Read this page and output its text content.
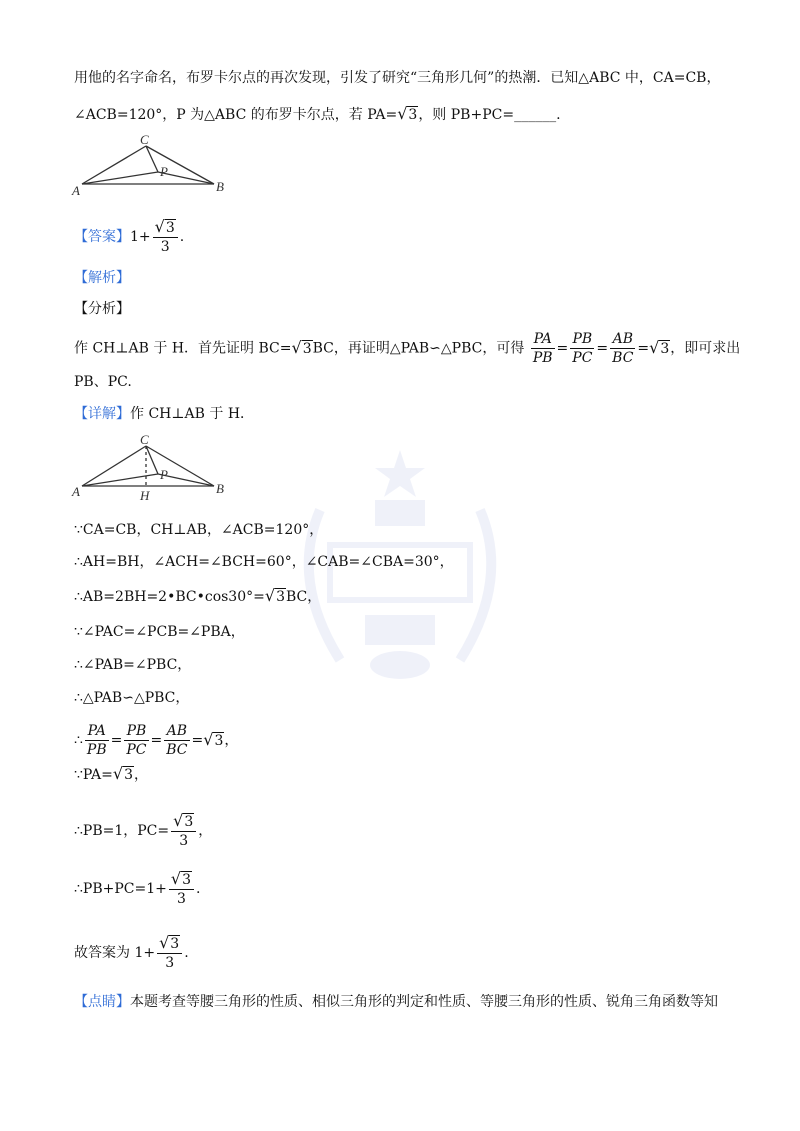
用他的名字命名，布罗卡尔点的再次发现，引发了研究“三角形几何”的热潮．已知△ABC 中，CA=CB，
∠ACB=120°，P 为△ABC 的布罗卡尔点，若 PA=√3，则 PB+PC=______.
C
P
A	B
【答案】$1+ \frac{√3}{3}$ .
【解析】
【分析】
作 CH⊥AB 于 H．首先证明 BC=√3BC，再证明△PAB∽△PBC，可得 $\frac{PA}{PB} = \frac{PB}{PC} = \frac{AB}{BC} =√3$，即可求出
PB、PC.
【详解】作 CH⊥AB 于 H．
C
P
A	B
H
∵CA=CB，CH⊥AB，∠ACB=120°，
∴AH=BH，∠ACH=∠BCH=60°，∠CAB=∠CBA=30°，
∴AB=2BH=2•BC•cos30°=√3BC，
∵∠PAC=∠PCB=∠PBA，
∴∠PAB=∠PBC，
∴△PAB∽△PBC，
∴ $\frac{PA}{PB} = \frac{PB}{PC} = \frac{AB}{BC} =√3$，
∵PA=√3，
∴PB=1，$PC= \frac{√3}{3}$ ，
∴PB+PC=1+ $\frac{√3}{3}$ .
故答案为 $1+ \frac{√3}{3}$ .
【点睛】本题考查等腰三角形的性质、相似三角形的判定和性质、等腰三角形的性质、锐角三角函数等知
